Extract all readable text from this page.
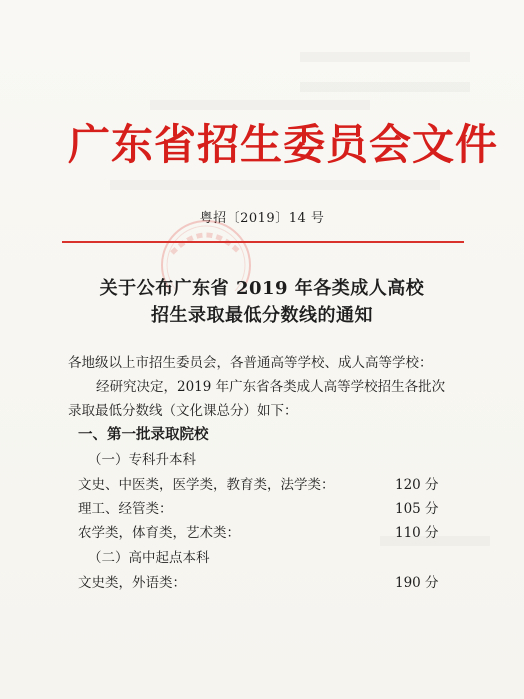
广东省招生委员会文件
粤招〔2019〕14 号
关于公布广东省 2019 年各类成人高校
招生录取最低分数线的通知
各地级以上市招生委员会，各普通高等学校、成人高等学校：
经研究决定，2019 年广东省各类成人高等学校招生各批次
录取最低分数线（文化课总分）如下：
一、第一批录取院校
（一）专科升本科
文史、中医类，医学类，教育类，法学类：	120 分
理工、经管类：	105 分
农学类，体育类，艺术类：	110 分
（二）高中起点本科
文史类，外语类：	190 分
